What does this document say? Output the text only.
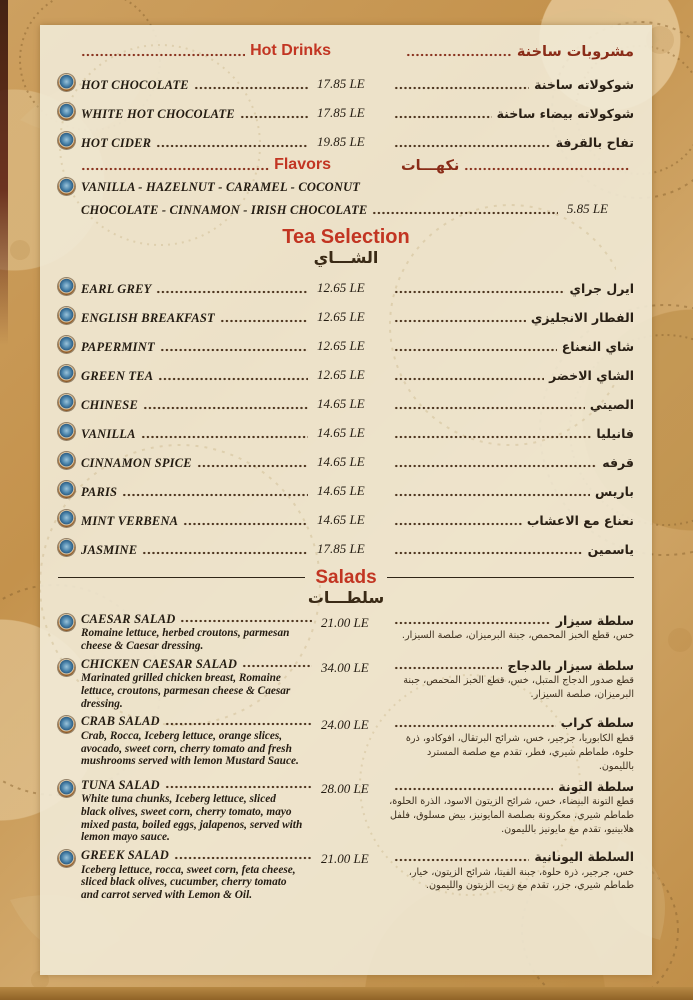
Hot Drinks	مشروبات ساخنة
HOT CHOCOLATE	17.85 LE	شوكولاته ساخنة
WHITE HOT CHOCOLATE	17.85 LE	شوكولاته بيضاء ساخنة
HOT CIDER	19.85 LE	تفاح بالقرفة
Flavors	نكهـــات
VANILLA - HAZELNUT - CARAMEL - COCONUT
CHOCOLATE - CINNAMON - IRISH CHOCOLATE	5.85 LE
Tea Selection
الشـــاي
EARL GREY	12.65 LE	ايرل جراي
ENGLISH BREAKFAST	12.65 LE	الفطار الانجليزي
PAPERMINT	12.65 LE	شاي النعناع
GREEN TEA	12.65 LE	الشاي الاخضر
CHINESE	14.65 LE	الصيني
VANILLA	14.65 LE	فانيليا
CINNAMON SPICE	14.65 LE	قرفه
PARIS	14.65 LE	باريس
MINT VERBENA	14.65 LE	نعناع مع الاعشاب
JASMINE	17.85 LE	ياسمين
Salads
سلطـــات
CAESAR SALAD
Romaine lettuce, herbed croutons, parmesan cheese & Caesar dressing.
21.00 LE	سلطة سيزار
خس، قطع الخبز المحمص، جبنة البرميزان، صلصة السيزار.
CHICKEN CAESAR SALAD
Marinated grilled chicken breast, Romaine lettuce, croutons, parmesan cheese & Caesar dressing.
34.00 LE	سلطة سيزار بالدجاج
قطع صدور الدجاج المتبل، خس، قطع الخبز المحمص، جبنة البرميزان، صلصة السيزار.
CRAB SALAD
Crab, Rocca, Iceberg lettuce, orange slices, avocado, sweet corn, cherry tomato and fresh mushrooms served with lemon Mustard Sauce.
24.00 LE	سلطة كراب
قطع الكابوريا، جرجير، خس، شرائح البرتقال، افوكادو، ذرة حلوة، طماطم شيري، فطر، تقدم مع صلصة المسترد بالليمون.
TUNA SALAD
White tuna chunks, Iceberg lettuce, sliced black olives, sweet corn, cherry tomato, mayo mixed pasta, boiled eggs, jalapenos, served with lemon mayo sauce.
28.00 LE	سلطة التونة
قطع التونة البيضاء، خس، شرائح الزيتون الاسود، الذرة الحلوة، طماطم شيري، معكرونة بصلصة المايونيز، بيض مسلوق، فلفل هلابينيو، تقدم مع مايونيز بالليمون.
GREEK SALAD
Iceberg lettuce, rocca, sweet corn, feta cheese, sliced black olives, cucumber, cherry tomato and carrot served with Lemon & Oil.
21.00 LE	السلطة اليونانية
خس، جرجير، ذرة حلوة، جبنة الفيتا، شرائح الزيتون، خيار، طماطم شيري، جزر، تقدم مع زيت الزيتون والليمون.
